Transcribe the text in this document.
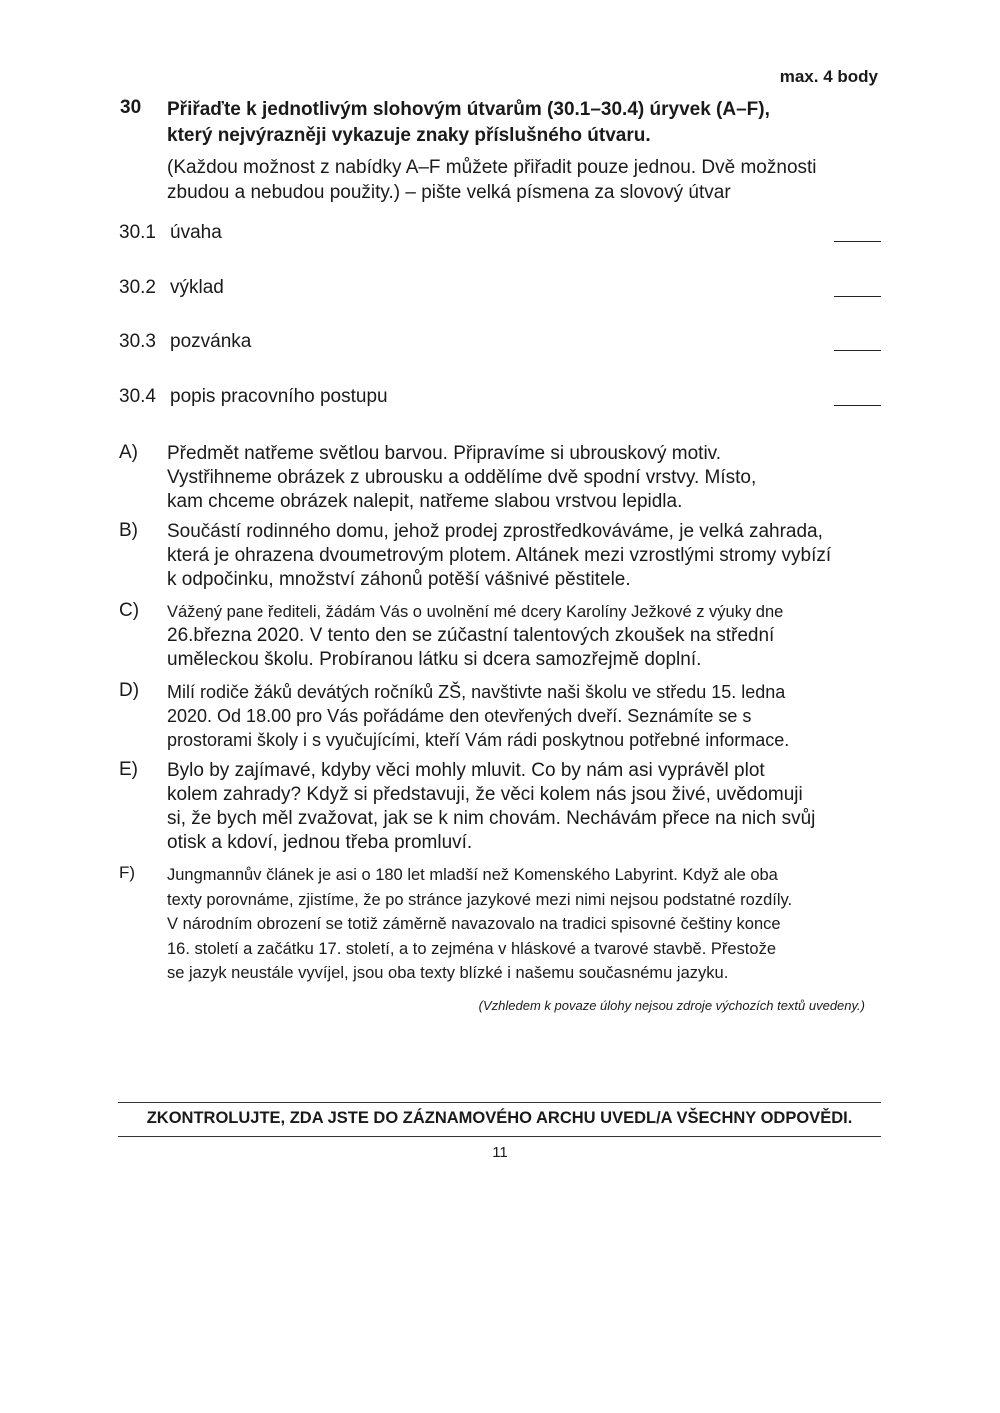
max. 4 body
30 Přiřaďte k jednotlivým slohovým útvarům (30.1–30.4) úryvek (A–F),
který nejvýrazněji vykazuje znaky příslušného útvaru.
(Každou možnost z nabídky A–F můžete přiřadit pouze jednou. Dvě možnosti
zbudou a nebudou použity.) – pište velká písmena za slovový útvar
30.1 úvaha
30.2 výklad
30.3 pozvánka
30.4 popis pracovního postupu
A) Předmět natřeme světlou barvou. Připravíme si ubrouskový motiv.
Vystřihneme obrázek z ubrousku a oddělíme dvě spodní vrstvy. Místo,
kam chceme obrázek nalepit, natřeme slabou vrstvou lepidla.
B) Součástí rodinného domu, jehož prodej zprostředkováváme, je velká zahrada,
která je ohrazena dvoumetrovým plotem. Altánek mezi vzrostlými stromy vybízí
k odpočinku, množství záhonů potěší vášnivé pěstitele.
C) Vážený pane řediteli, žádám Vás o uvolnění mé dcery Karolíny Ježkové z výuky dne
26.března 2020. V tento den se zúčastní talentových zkoušek na střední
uměleckou školu. Probíranou látku si dcera samozřejmě doplní.
D) Milí rodiče žáků devátých ročníků ZŠ, navštivte naši školu ve středu 15. ledna
2020. Od 18.00 pro Vás pořádáme den otevřených dveří. Seznámíte se s
prostorami školy i s vyučujícími, kteří Vám rádi poskytnou potřebné informace.
E) Bylo by zajímavé, kdyby věci mohly mluvit. Co by nám asi vyprávěl plot
kolem zahrady? Když si představuji, že věci kolem nás jsou živé, uvědomuji
si, že bych měl zvažovat, jak se k nim chovám. Nechávám přece na nich svůj
otisk a kdoví, jednou třeba promluví.
F) Jungmannův článek je asi o 180 let mladší než Komenského Labyrint. Když ale oba
texty porovnáme, zjistíme, že po stránce jazykové mezi nimi nejsou podstatné rozdíly.
V národním obrození se totiž záměrně navazovalo na tradici spisovné češtiny konce
16. století a začátku 17. století, a to zejména v hláskové a tvarové stavbě. Přestože
se jazyk neustále vyvíjel, jsou oba texty blízké i našemu současnému jazyku.
(Vzhledem k povaze úlohy nejsou zdroje výchozích textů uvedeny.)
ZKONTROLUJTE, ZDA JSTE DO ZÁZNAMOVÉHO ARCHU UVEDL/A VŠECHNY ODPOVĚDI.
11
